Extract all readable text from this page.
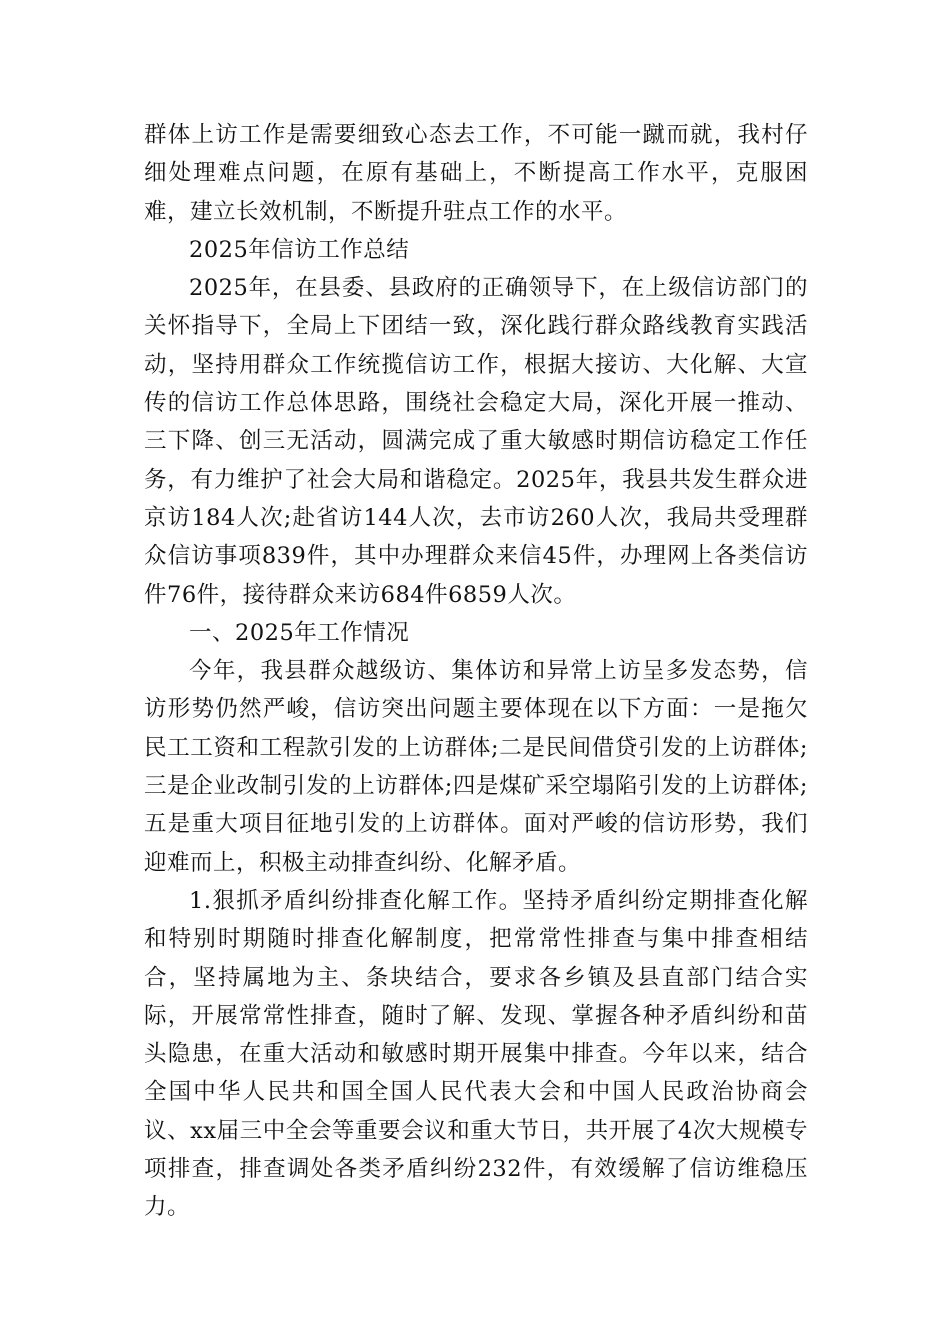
群体上访工作是需要细致心态去工作，不可能一蹴而就，我村仔细处理难点问题，在原有基础上，不断提高工作水平，克服困难，建立长效机制，不断提升驻点工作的水平。

2025年信访工作总结

2025年，在县委、县政府的正确领导下，在上级信访部门的关怀指导下，全局上下团结一致，深化践行群众路线教育实践活动，坚持用群众工作统揽信访工作，根据大接访、大化解、大宣传的信访工作总体思路，围绕社会稳定大局，深化开展一推动、三下降、创三无活动，圆满完成了重大敏感时期信访稳定工作任务，有力维护了社会大局和谐稳定。2025年，我县共发生群众进京访184人次;赴省访144人次，去市访260人次，我局共受理群众信访事项839件，其中办理群众来信45件，办理网上各类信访件76件，接待群众来访684件6859人次。

一、2025年工作情况

今年，我县群众越级访、集体访和异常上访呈多发态势，信访形势仍然严峻，信访突出问题主要体现在以下方面：一是拖欠民工工资和工程款引发的上访群体;二是民间借贷引发的上访群体;三是企业改制引发的上访群体;四是煤矿采空塌陷引发的上访群体;五是重大项目征地引发的上访群体。面对严峻的信访形势，我们迎难而上，积极主动排查纠纷、化解矛盾。

1.狠抓矛盾纠纷排查化解工作。坚持矛盾纠纷定期排查化解和特别时期随时排查化解制度，把常常性排查与集中排查相结合，坚持属地为主、条块结合，要求各乡镇及县直部门结合实际，开展常常性排查，随时了解、发现、掌握各种矛盾纠纷和苗头隐患，在重大活动和敏感时期开展集中排查。今年以来，结合全国中华人民共和国全国人民代表大会和中国人民政治协商会议、xx届三中全会等重要会议和重大节日，共开展了4次大规模专项排查，排查调处各类矛盾纠纷232件，有效缓解了信访维稳压力。
